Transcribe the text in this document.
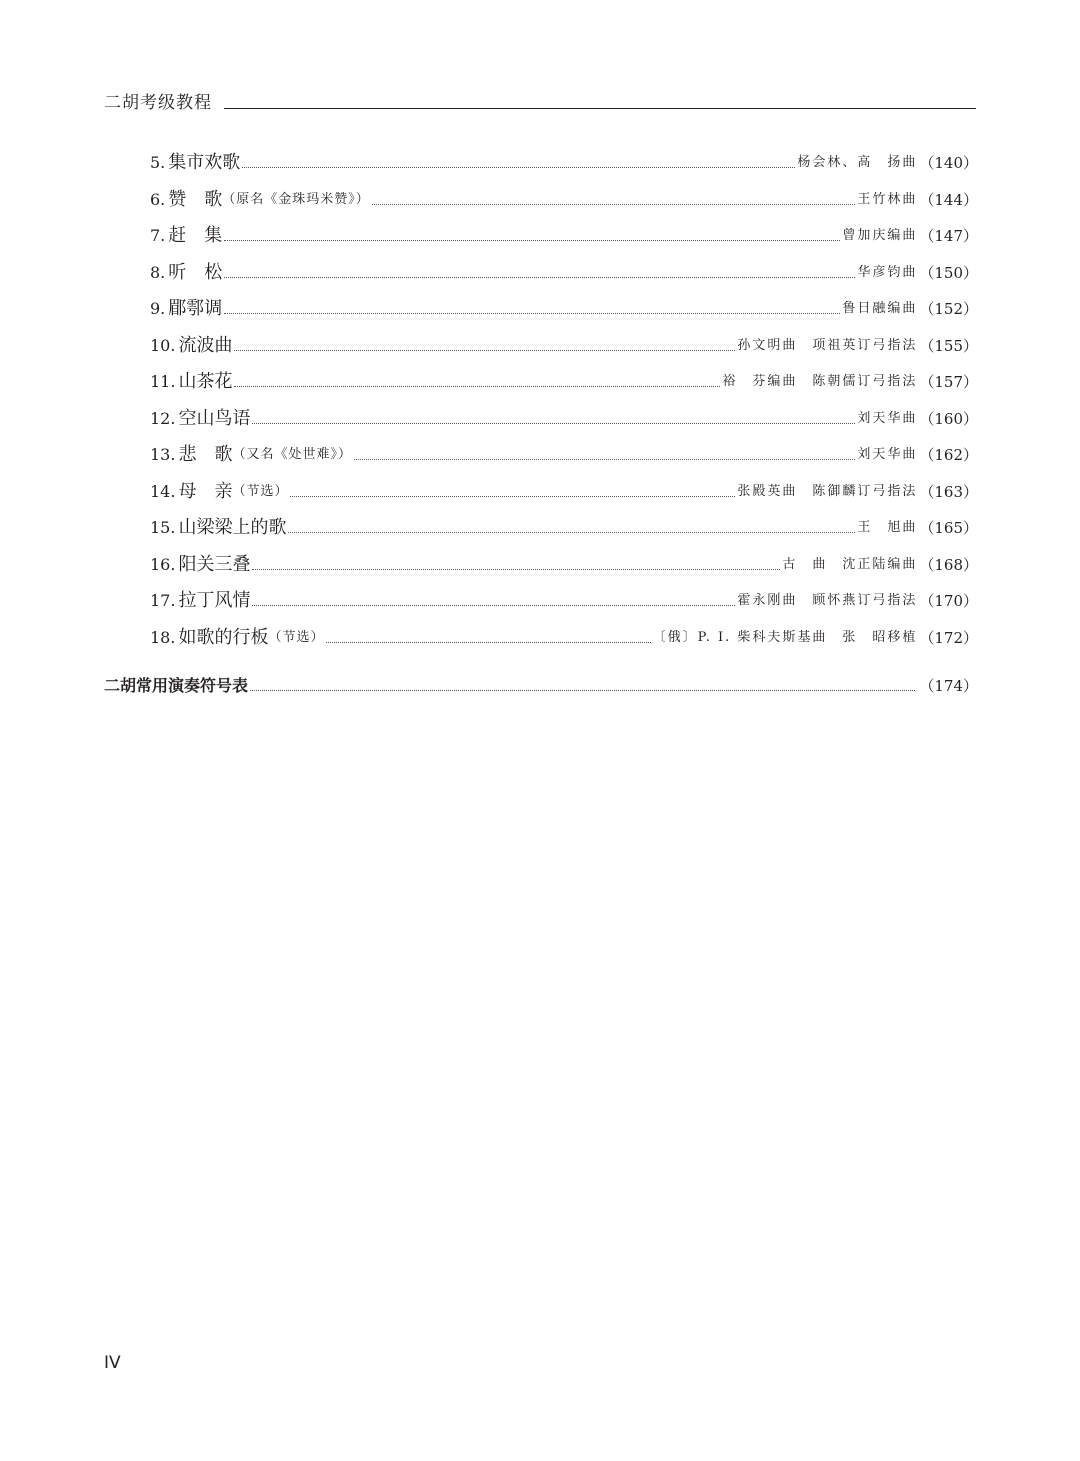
二胡考级教程
5. 集市欢歌	杨会林、高　扬曲 （140）
6. 赞　歌 （原名《金珠玛米赞》）	王竹林曲 （144）
7. 赶　集	曾加庆编曲 （147）
8. 听　松	华彦钧曲 （150）
9. 郿鄠调	鲁日融编曲 （152）
10. 流波曲	孙文明曲　项祖英订弓指法 （155）
11. 山茶花	裕　芬编曲　陈朝儒订弓指法 （157）
12. 空山鸟语	刘天华曲 （160）
13. 悲　歌 （又名《处世难》）	刘天华曲 （162）
14. 母　亲 （节选）	张殿英曲　陈御麟订弓指法 （163）
15. 山梁梁上的歌	王　旭曲 （165）
16. 阳关三叠	古　曲　沈正陆编曲 （168）
17. 拉丁风情	霍永刚曲　顾怀燕订弓指法 （170）
18. 如歌的行板 （节选）	〔俄〕P. I. 柴科夫斯基曲　张　昭移植 （172）
二胡常用演奏符号表	（174）
IV
